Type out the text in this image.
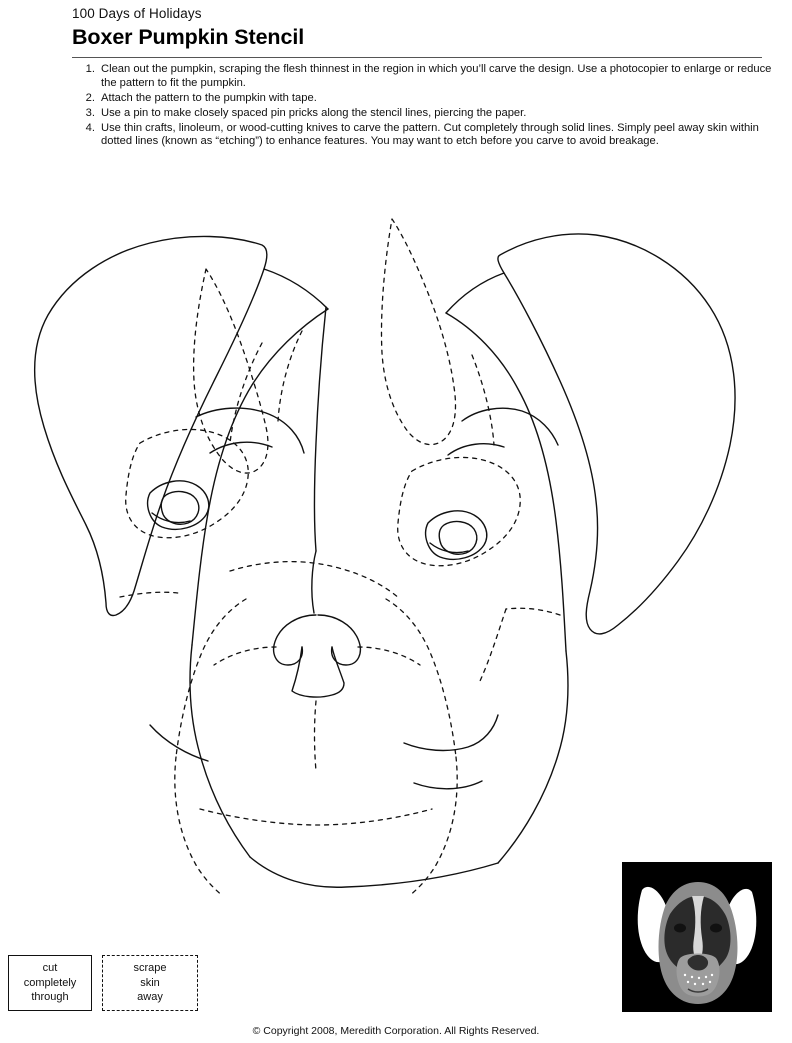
100 Days of Holidays
Boxer Pumpkin Stencil
1. Clean out the pumpkin, scraping the flesh thinnest in the region in which you’ll carve the design. Use a photocopier to enlarge or reduce the pattern to fit the pumpkin.
2. Attach the pattern to the pumpkin with tape.
3. Use a pin to make closely spaced pin pricks along the stencil lines, piercing the paper.
4. Use thin crafts, linoleum, or wood-cutting knives to carve the pattern. Cut completely through solid lines. Simply peel away skin within dotted lines (known as “etching”) to enhance features. You may want to etch before you carve to avoid breakage.
cut
completely
through
scrape
skin
away
© Copyright 2008, Meredith Corporation. All Rights Reserved.
